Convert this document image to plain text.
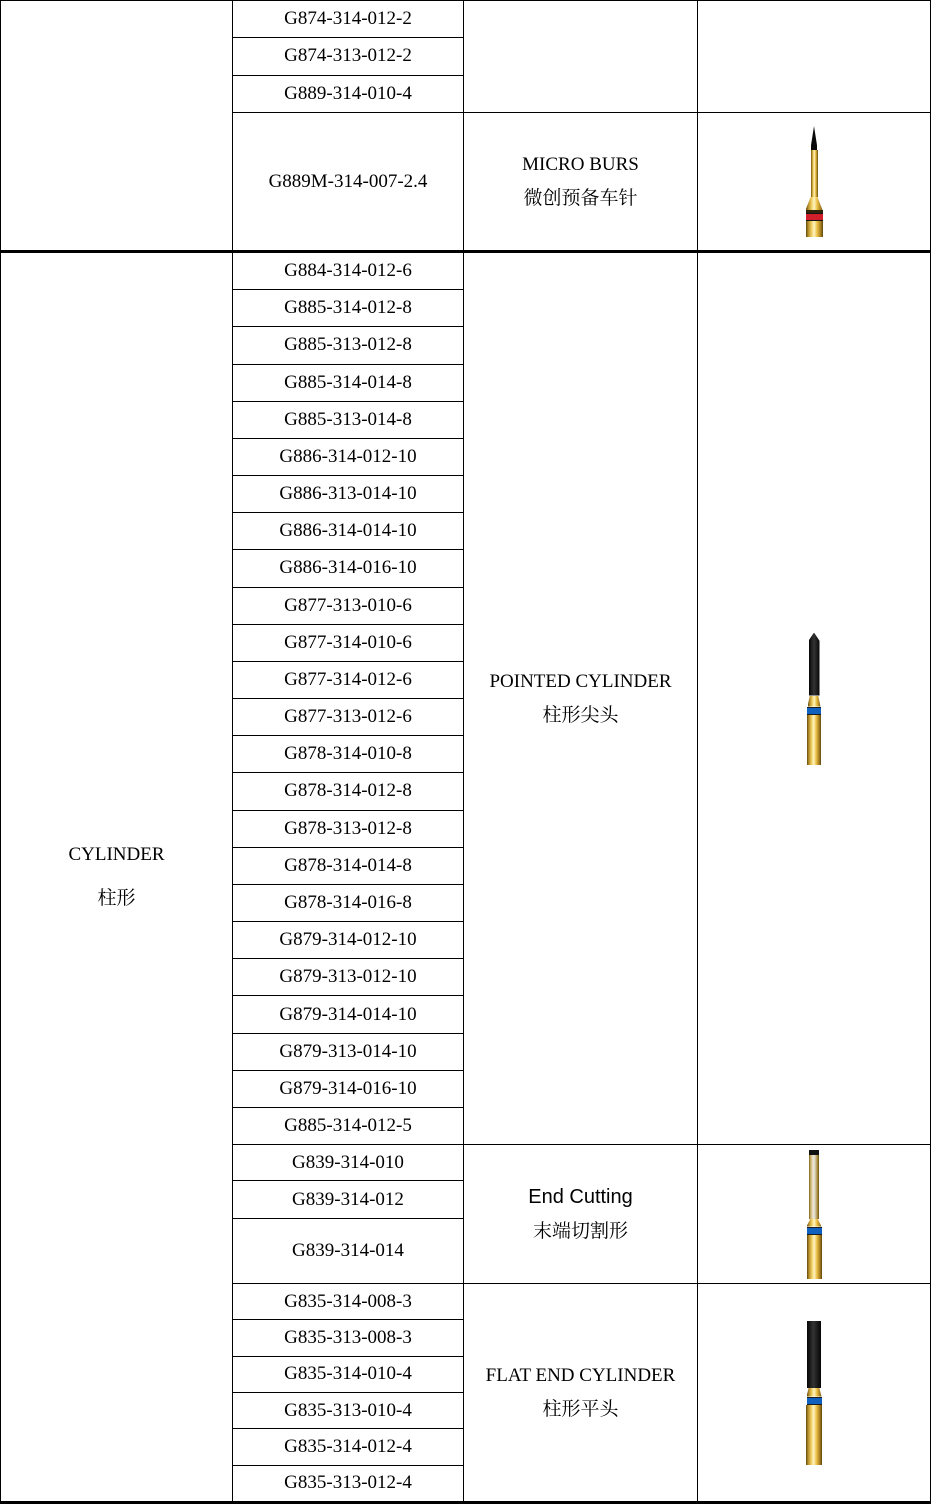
G874-314-012-2
G874-313-012-2
G889-314-010-4
G889M-314-007-2.4
MICRO BURS
微创预备车针
CYLINDER
柱形
G884-314-012-6
G885-314-012-8
G885-313-012-8
G885-314-014-8
G885-313-014-8
G886-314-012-10
G886-313-014-10
G886-314-014-10
G886-314-016-10
G877-313-010-6
G877-314-010-6
G877-314-012-6
G877-313-012-6
G878-314-010-8
G878-314-012-8
G878-313-012-8
G878-314-014-8
G878-314-016-8
G879-314-012-10
G879-313-012-10
G879-314-014-10
G879-313-014-10
G879-314-016-10
G885-314-012-5
POINTED CYLINDER
柱形尖头
G839-314-010
G839-314-012
G839-314-014
End Cutting
末端切割形
G835-314-008-3
G835-313-008-3
G835-314-010-4
G835-313-010-4
G835-314-012-4
G835-313-012-4
FLAT END CYLINDER
柱形平头
